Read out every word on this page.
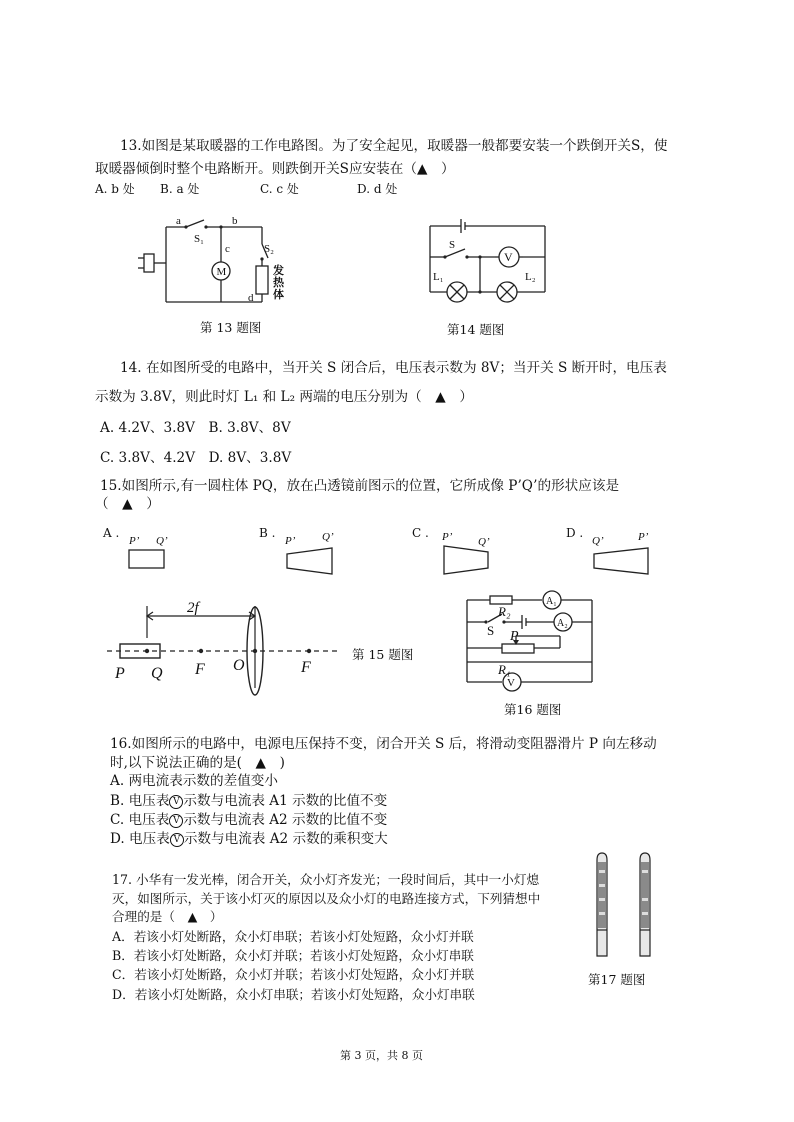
13.如图是某取暖器的工作电路图。为了安全起见，取暖器一般都要安装一个跌倒开关S，使
取暖器倾倒时整个电路断开。则跌倒开关S应安装在（▲　）
A. b 处 B. a 处	C. c 处	D. d 处
a	b
c
d
S₁
S₂
M	发
热
体
第 13 题图
S
V
L₁	L₂
第14 题图
14. 在如图所受的电路中，当开关 S 闭合后，电压表示数为 8V；当开关 S 断开时，电压表
示数为 3.8V，则此时灯 L₁ 和 L₂ 两端的电压分别为（　▲　）
A. 4.2V、3.8V　B. 3.8V、8V
C. 3.8V、4.2V　D. 8V、3.8V
15.如图所示,有一圆柱体 PQ，放在凸透镜前图示的位置，它所成像 P’Q’的形状应该是
（　▲　）
A .
P’ Q’
B .
P’ Q’	C . P’ Q’
D .
Q’	P’
2f
P Q F O	F
第 15 题图
A₁
A₂
R₂
S P
R₁
V
第16 题图
16.如图所示的电路中，电源电压保持不变，闭合开关 S 后，将滑动变阻器滑片 P 向左移动
时,以下说法正确的是(　▲　)
A. 两电流表示数的差值变小
B. 电压表 V 示数与电流表 A1 示数的比值不变
C. 电压表 V 示数与电流表 A2 示数的比值不变
D. 电压表 V 示数与电流表 A2 示数的乘积变大
17. 小华有一发光棒，闭合开关，众小灯齐发光；一段时间后，其中一小灯熄
灭，如图所示，关于该小灯灭的原因以及众小灯的电路连接方式，下列猜想中
合理的是（　▲　）
A．若该小灯处断路，众小灯串联；若该小灯处短路，众小灯并联
B．若该小灯处断路，众小灯并联；若该小灯处短路，众小灯串联
C．若该小灯处断路，众小灯并联；若该小灯处短路，众小灯并联
D．若该小灯处断路，众小灯串联；若该小灯处短路，众小灯串联
第17 题图
第 3 页，共 8 页
